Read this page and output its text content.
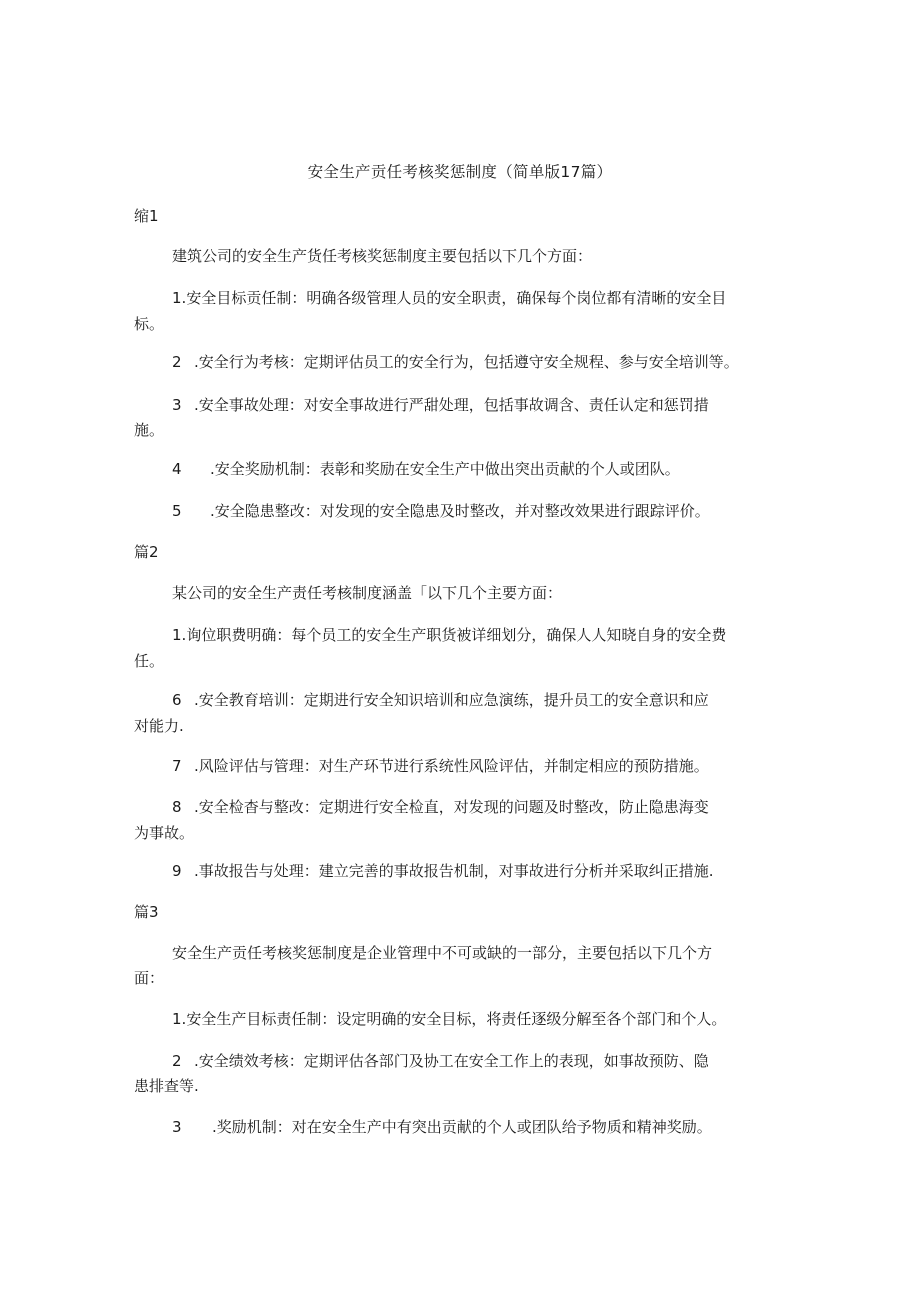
安全生产贡任考核奖惩制度（简单版17篇）
缩1
建筑公司的安全生产货任考核奖惩制度主要包括以下几个方面：
1.安全目标贡任制：明确各级管理人员的安全职责，确保每个岗位都有清晰的安全目
标。
2 .安全行为考核：定期评估员工的安全行为，包括遵守安全规程、参与安全培训等。
3 .安全事故处理：对安全事故进行严甜处理，包括事故调含、责任认定和惩罚措
施。
4 .安全奖励机制：表彰和奖励在安全生产中做出突出贡献的个人或团队。
5 .安全隐患整改：对发现的安全隐患及时整改，并对整改效果进行跟踪评价。
篇2
某公司的安全生产责任考核制度涵盖「以下几个主要方面：
1.询位职费明确：每个员工的安全生产职货被详细划分，确保人人知晓自身的安全费
任。
6 .安全教育培训：定期进行安全知识培训和应急演练，提升员工的安全意识和应
对能力.
7 .风险评估与管理：对生产环节进行系统性风险评估，并制定相应的预防措施。
8 .安全检杳与整改：定期进行安全检直，对发现的问题及时整改，防止隐患海变
为事故。
9 .事故报告与处理：建立完善的事故报告机制，对事故进行分析并采取纠正措施.
篇3
安全生产贡任考核奖惩制度是企业管理中不可或缺的一部分，主要包括以下几个方
面：
1.安全生产目标责任制：设定明确的安全目标，将责任逐级分解至各个部门和个人。
2 .安全绩效考核：定期评估各部门及协工在安全工作上的表现，如事故预防、隐
患排查等.
3 .奖励机制：对在安全生产中有突出贡献的个人或团队给予物质和精神奖励。
